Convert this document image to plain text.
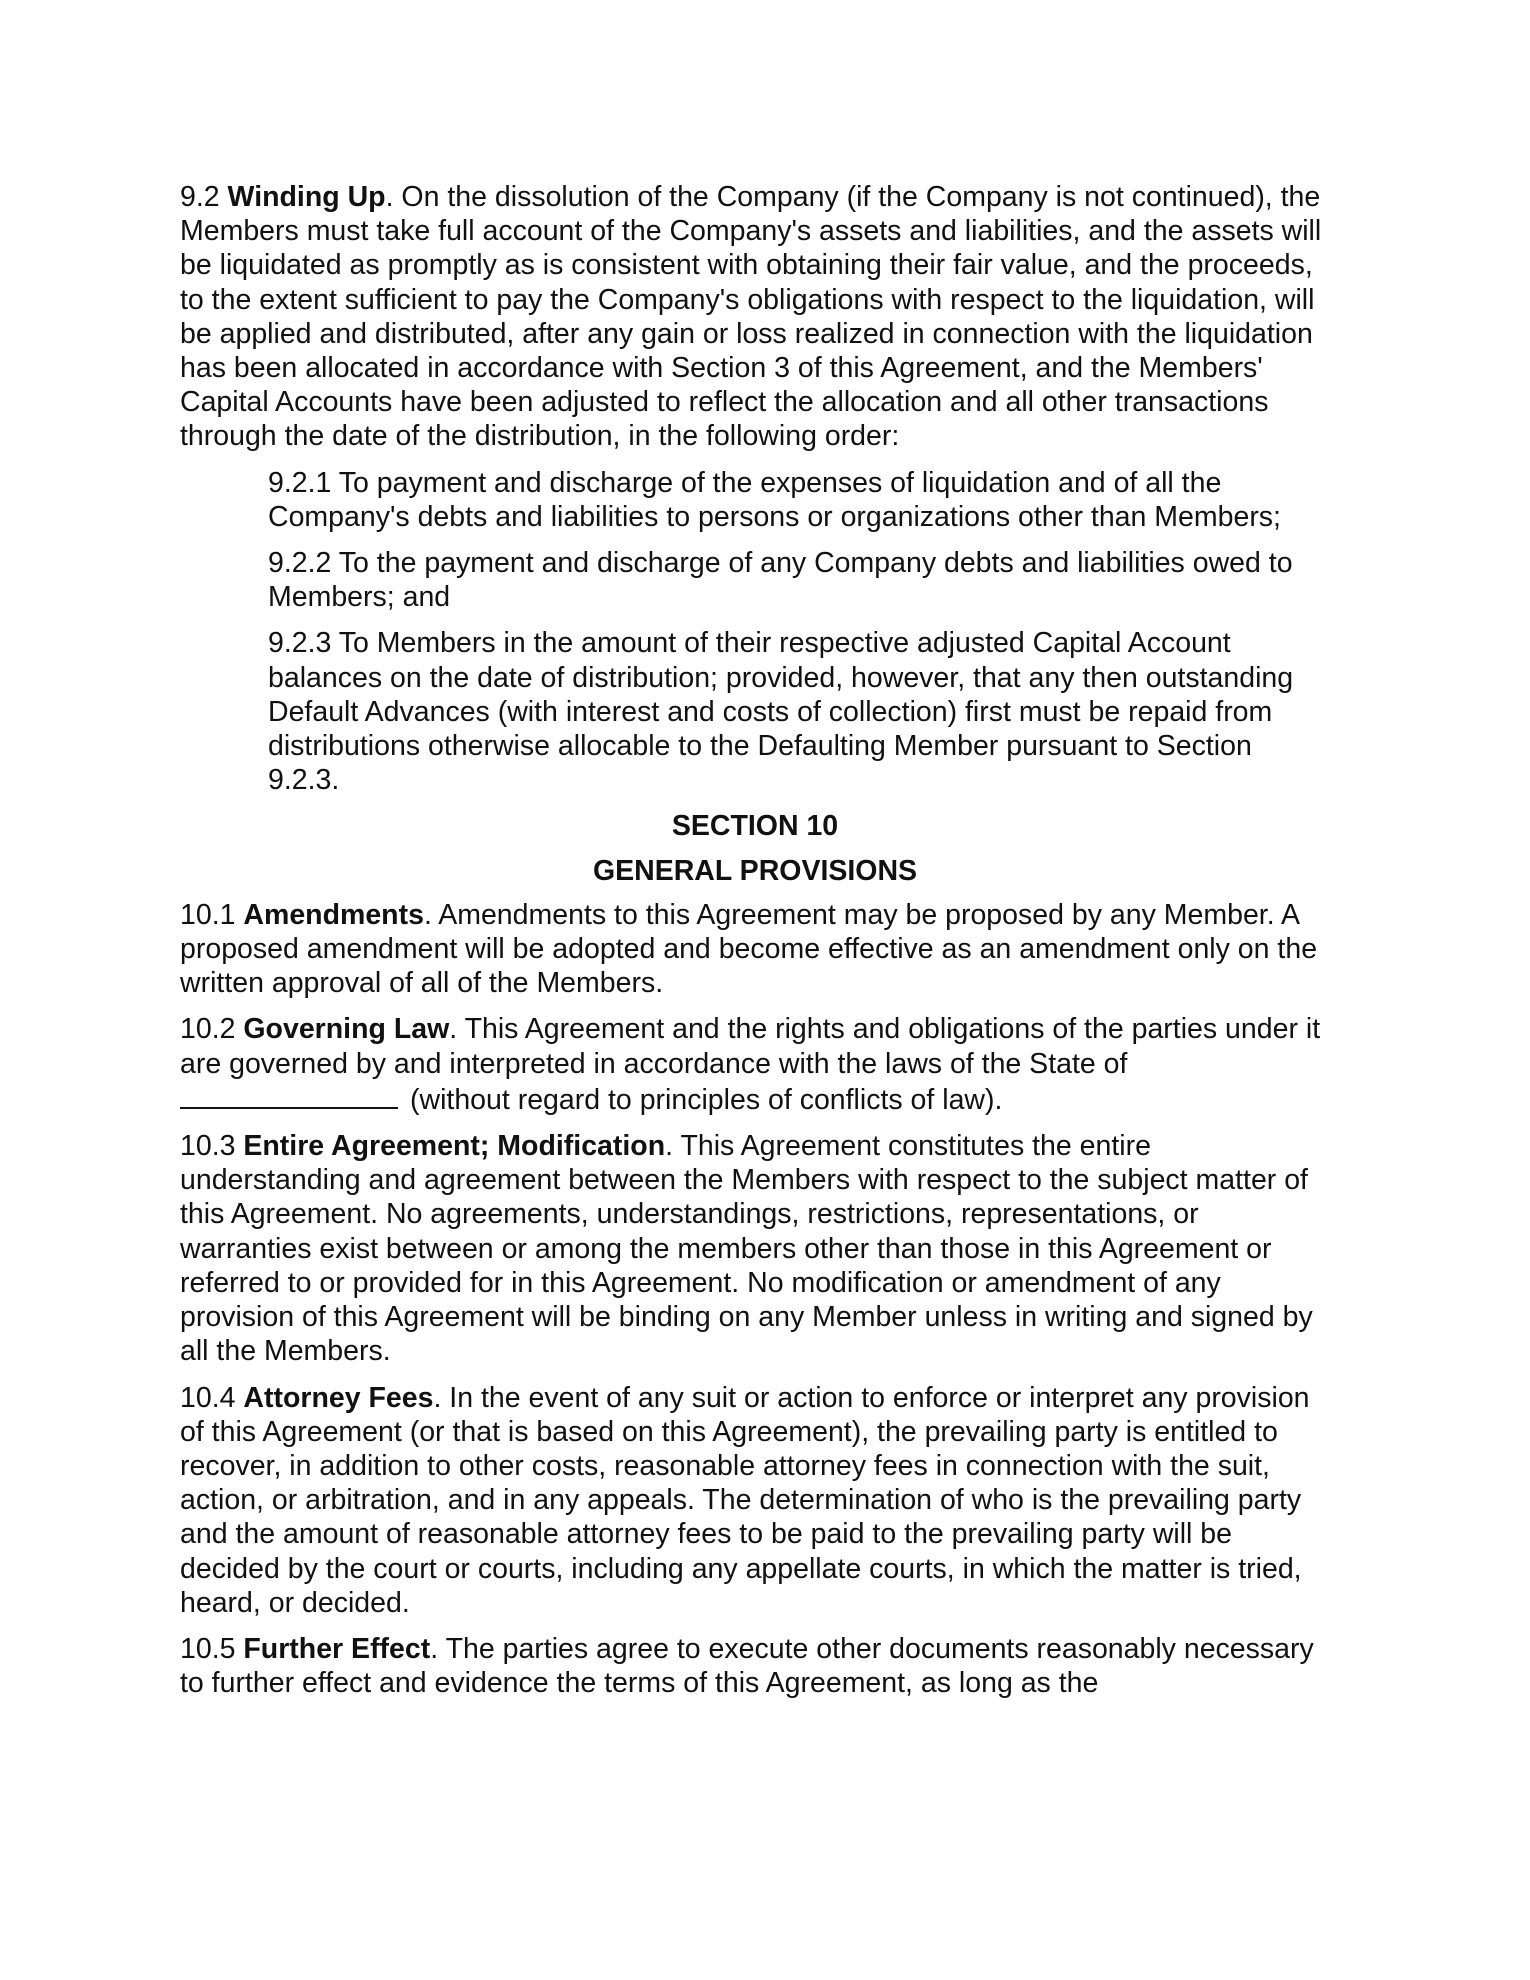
9.2 Winding Up. On the dissolution of the Company (if the Company is not continued), the Members must take full account of the Company's assets and liabilities, and the assets will be liquidated as promptly as is consistent with obtaining their fair value, and the proceeds, to the extent sufficient to pay the Company's obligations with respect to the liquidation, will be applied and distributed, after any gain or loss realized in connection with the liquidation has been allocated in accordance with Section 3 of this Agreement, and the Members' Capital Accounts have been adjusted to reflect the allocation and all other transactions through the date of the distribution, in the following order:

9.2.1 To payment and discharge of the expenses of liquidation and of all the Company's debts and liabilities to persons or organizations other than Members;

9.2.2 To the payment and discharge of any Company debts and liabilities owed to Members; and

9.2.3 To Members in the amount of their respective adjusted Capital Account balances on the date of distribution; provided, however, that any then outstanding Default Advances (with interest and costs of collection) first must be repaid from distributions otherwise allocable to the Defaulting Member pursuant to Section 9.2.3.

SECTION 10

GENERAL PROVISIONS

10.1 Amendments. Amendments to this Agreement may be proposed by any Member. A proposed amendment will be adopted and become effective as an amendment only on the written approval of all of the Members.

10.2 Governing Law. This Agreement and the rights and obligations of the parties under it are governed by and interpreted in accordance with the laws of the State of
(without regard to principles of conflicts of law).

10.3 Entire Agreement; Modification. This Agreement constitutes the entire understanding and agreement between the Members with respect to the subject matter of this Agreement. No agreements, understandings, restrictions, representations, or warranties exist between or among the members other than those in this Agreement or referred to or provided for in this Agreement. No modification or amendment of any provision of this Agreement will be binding on any Member unless in writing and signed by all the Members.

10.4 Attorney Fees. In the event of any suit or action to enforce or interpret any provision of this Agreement (or that is based on this Agreement), the prevailing party is entitled to recover, in addition to other costs, reasonable attorney fees in connection with the suit, action, or arbitration, and in any appeals. The determination of who is the prevailing party and the amount of reasonable attorney fees to be paid to the prevailing party will be decided by the court or courts, including any appellate courts, in which the matter is tried, heard, or decided.

10.5 Further Effect. The parties agree to execute other documents reasonably necessary to further effect and evidence the terms of this Agreement, as long as the
